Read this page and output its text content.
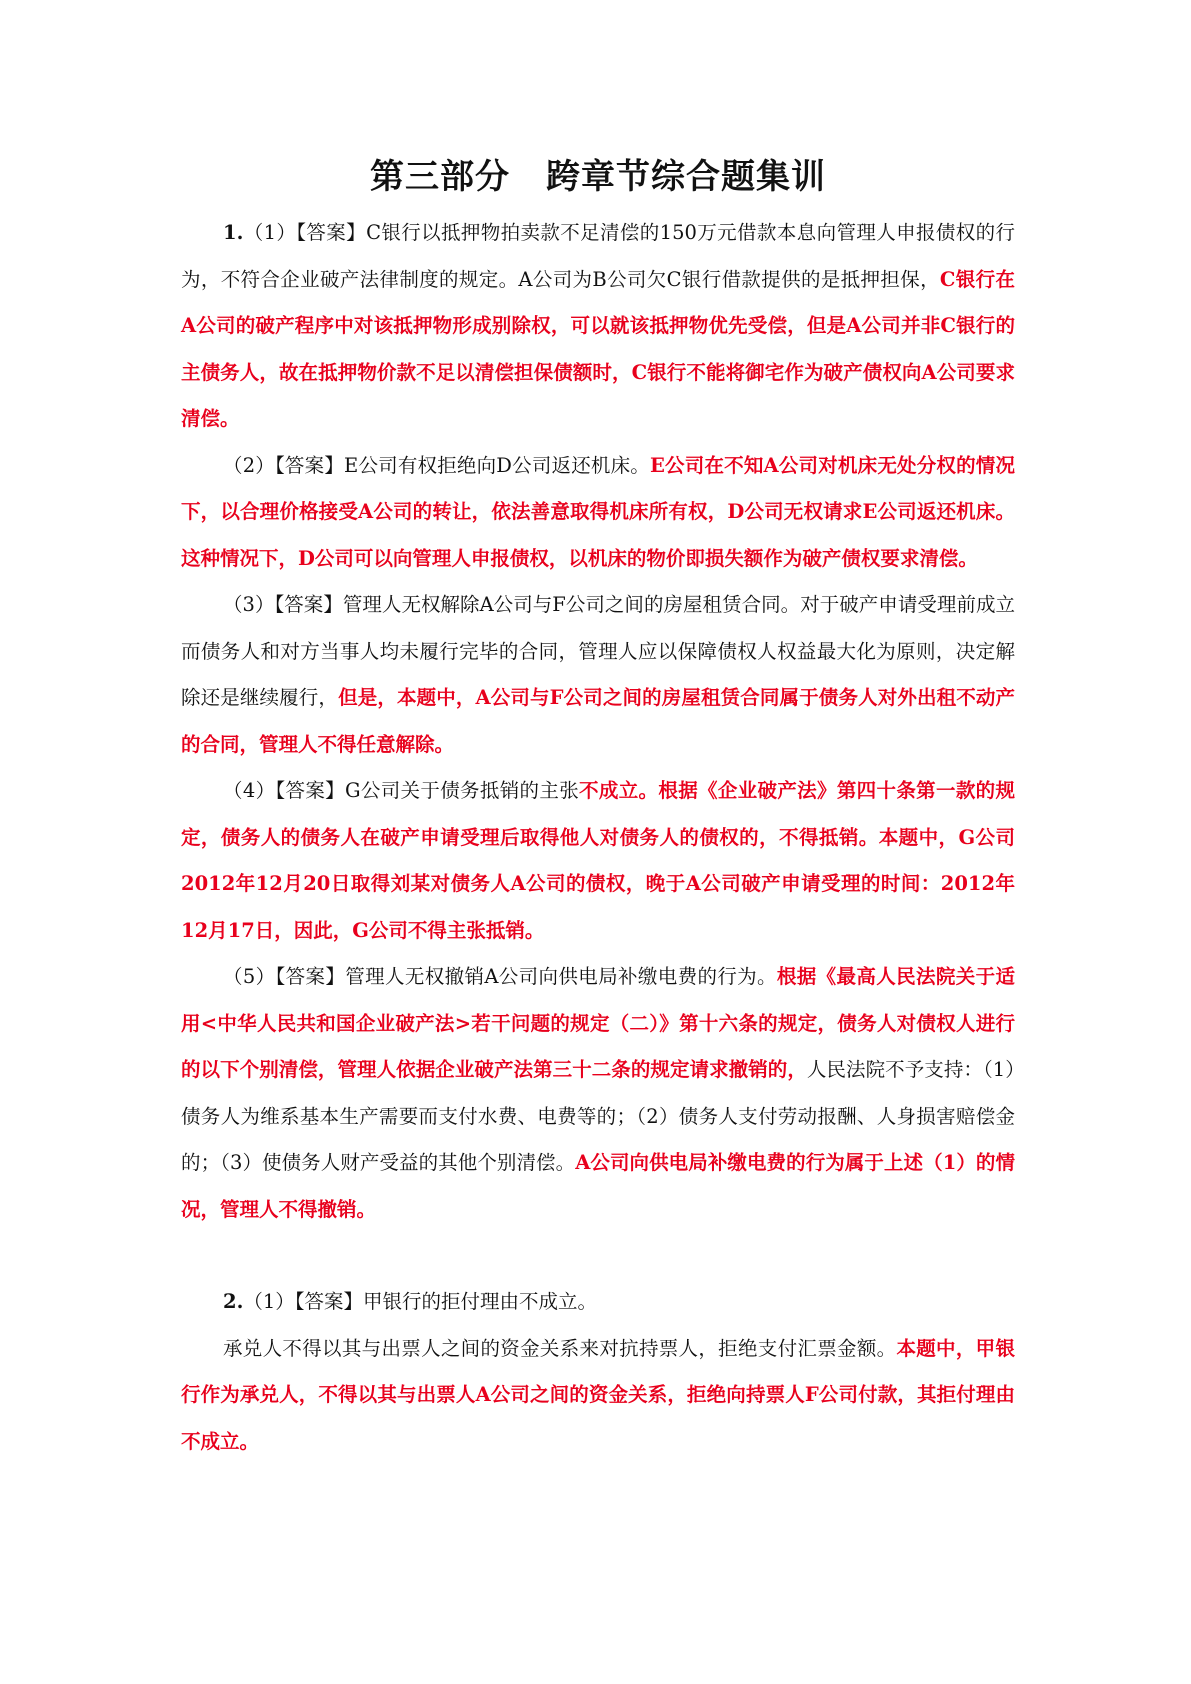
第三部分 跨章节综合题集训

1.（1）【答案】C银行以抵押物拍卖款不足清偿的150万元借款本息向管理人申报债权的行为，不符合企业破产法律制度的规定。A公司为B公司欠C银行借款提供的是抵押担保，C银行在A公司的破产程序中对该抵押物形成别除权，可以就该抵押物优先受偿，但是A公司并非C银行的主债务人，故在抵押物价款不足以清偿担保债额时，C银行不能将御宅作为破产债权向A公司要求清偿。

（2）【答案】E公司有权拒绝向D公司返还机床。E公司在不知A公司对机床无处分权的情况下，以合理价格接受A公司的转让，依法善意取得机床所有权，D公司无权请求E公司返还机床。这种情况下，D公司可以向管理人申报债权，以机床的物价即损失额作为破产债权要求清偿。

（3）【答案】管理人无权解除A公司与F公司之间的房屋租赁合同。对于破产申请受理前成立而债务人和对方当事人均未履行完毕的合同，管理人应以保障债权人权益最大化为原则，决定解除还是继续履行，但是，本题中，A公司与F公司之间的房屋租赁合同属于债务人对外出租不动产的合同，管理人不得任意解除。

（4）【答案】G公司关于债务抵销的主张不成立。根据《企业破产法》第四十条第一款的规定，债务人的债务人在破产申请受理后取得他人对债务人的债权的，不得抵销。本题中，G公司2012年12月20日取得刘某对债务人A公司的债权，晚于A公司破产申请受理的时间：2012年12月17日，因此，G公司不得主张抵销。

（5）【答案】管理人无权撤销A公司向供电局补缴电费的行为。根据《最高人民法院关于适用<中华人民共和国企业破产法>若干问题的规定（二）》第十六条的规定，债务人对债权人进行的以下个别清偿，管理人依据企业破产法第三十二条的规定请求撤销的，人民法院不予支持：（1）债务人为维系基本生产需要而支付水费、电费等的；（2）债务人支付劳动报酬、人身损害赔偿金的；（3）使债务人财产受益的其他个别清偿。A公司向供电局补缴电费的行为属于上述（1）的情况，管理人不得撤销。

2.（1）【答案】甲银行的拒付理由不成立。

承兑人不得以其与出票人之间的资金关系来对抗持票人，拒绝支付汇票金额。本题中，甲银行作为承兑人，不得以其与出票人A公司之间的资金关系，拒绝向持票人F公司付款，其拒付理由不成立。
